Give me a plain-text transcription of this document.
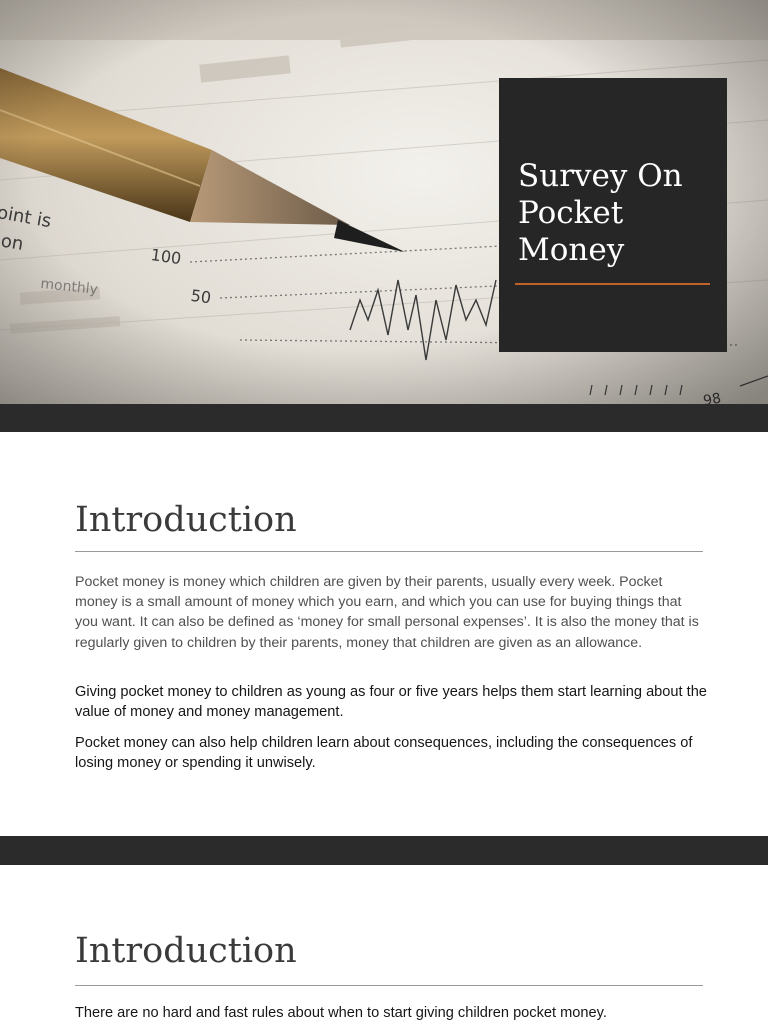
Survey On Pocket Money
Introduction

Pocket money is money which children are given by their parents, usually every week. Pocket money is a small amount of money which you earn, and which you can use for buying things that you want. It can also be defined as ‘money for small personal expenses’. It is also the money that is regularly given to children by their parents, money that children are given as an allowance.

Giving pocket money to children as young as four or five years helps them start learning about the value of money and money management.

Pocket money can also help children learn about consequences, including the consequences of losing money or spending it unwisely.

Introduction

There are no hard and fast rules about when to start giving children pocket money.
